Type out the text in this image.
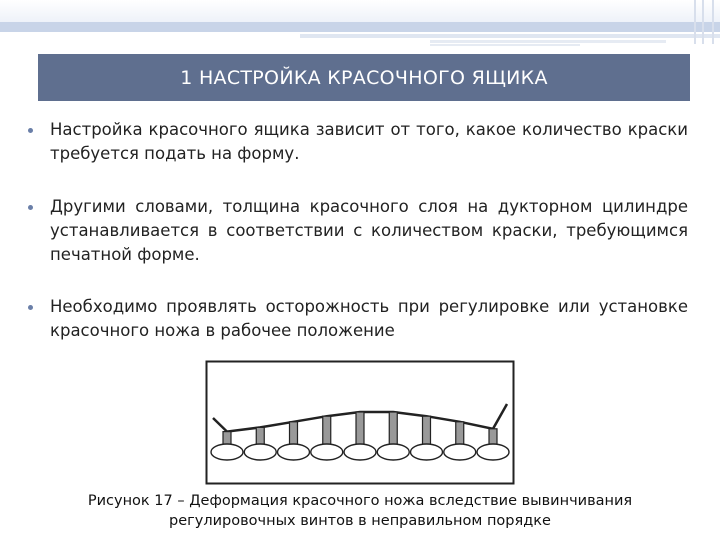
1 НАСТРОЙКА КРАСОЧНОГО ЯЩИКА
Настройка красочного ящика зависит от того, какое количество краски требуется подать на форму.
Другими словами, толщина красочного слоя на дукторном цилиндре устанавливается в соответствии с количеством краски, требующимся печатной форме.
Необходимо проявлять осторожность при регулировке или установке красочного ножа в рабочее положение
Рисунок 17 – Деформация красочного ножа вследствие вывинчивания
регулировочных винтов в неправильном порядке
